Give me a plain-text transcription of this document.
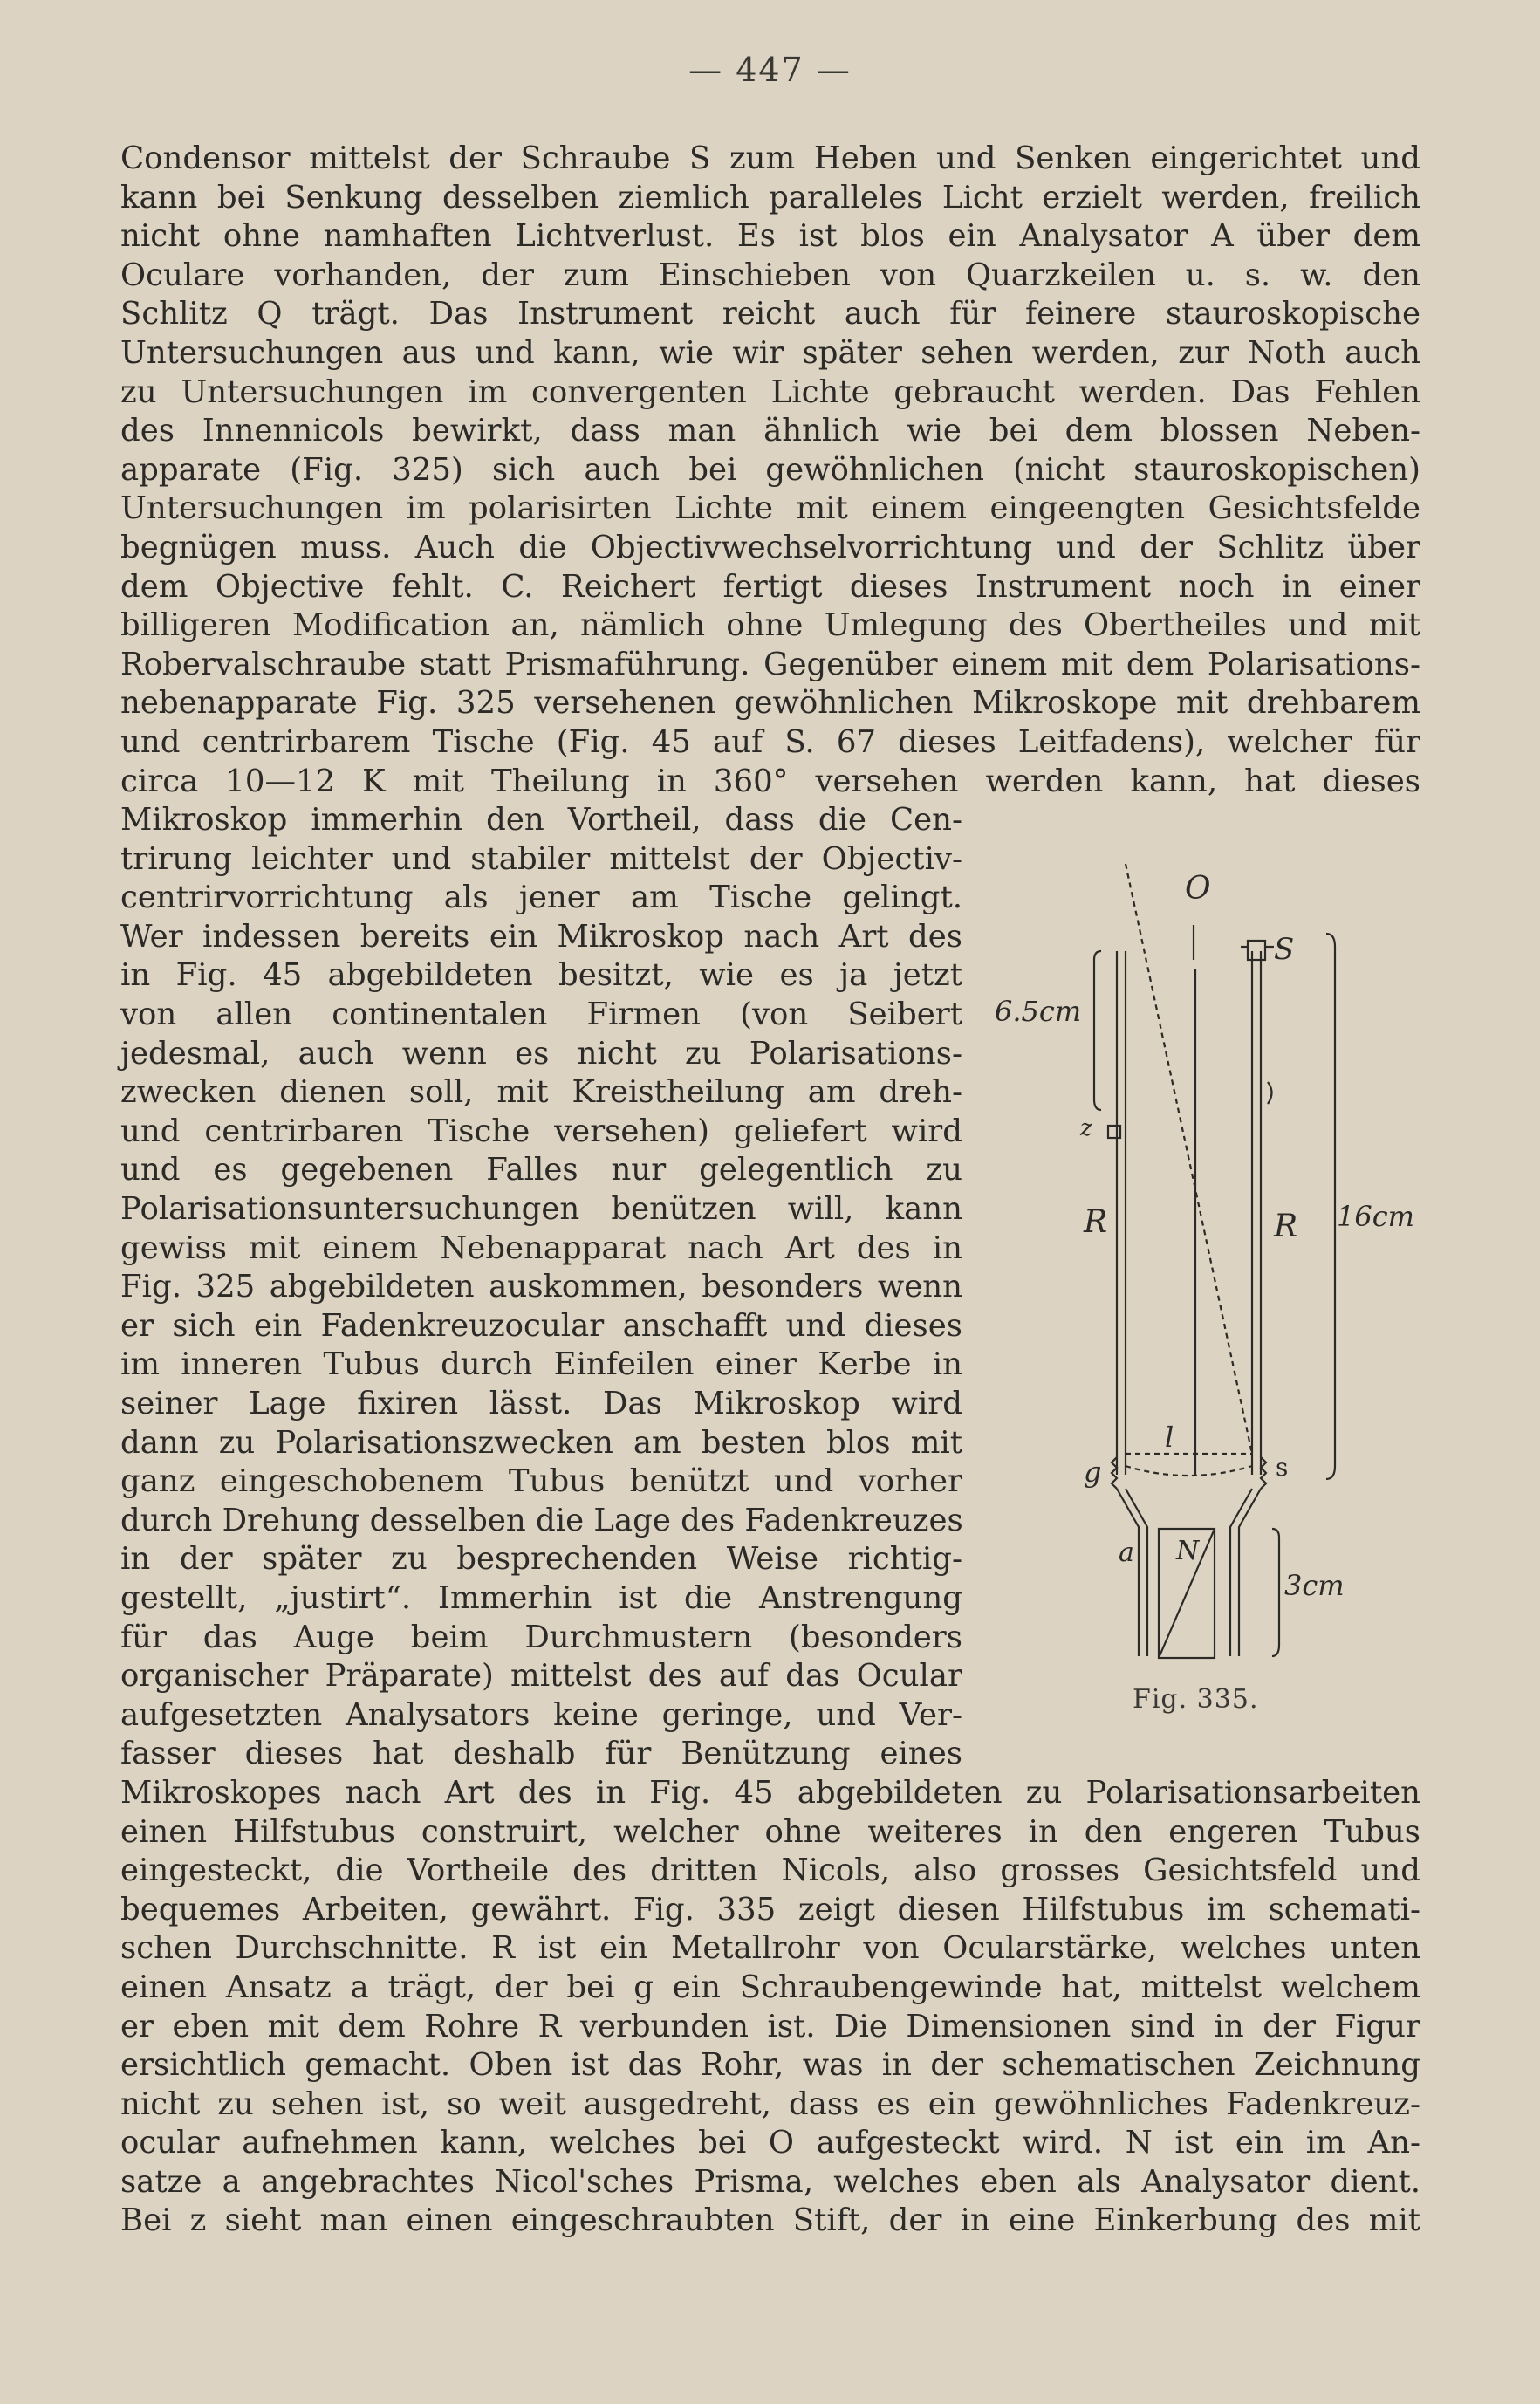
— 447 —
Condensor mittelst der Schraube S zum Heben und Senken eingerichtet und
kann bei Senkung desselben ziemlich paralleles Licht erzielt werden, freilich
nicht ohne namhaften Lichtverlust. Es ist blos ein Analysator A über dem
Oculare vorhanden, der zum Einschieben von Quarzkeilen u. s. w. den
Schlitz Q trägt. Das Instrument reicht auch für feinere stauroskopische
Untersuchungen aus und kann, wie wir später sehen werden, zur Noth auch
zu Untersuchungen im convergenten Lichte gebraucht werden. Das Fehlen
des Innennicols bewirkt, dass man ähnlich wie bei dem blossen Neben-
apparate (Fig. 325) sich auch bei gewöhnlichen (nicht stauroskopischen)
Untersuchungen im polarisirten Lichte mit einem eingeengten Gesichtsfelde
begnügen muss. Auch die Objectivwechselvorrichtung und der Schlitz über
dem Objective fehlt. C. Reichert fertigt dieses Instrument noch in einer
billigeren Modification an, nämlich ohne Umlegung des Obertheiles und mit
Robervalschraube statt Prismaführung. Gegenüber einem mit dem Polarisations-
nebenapparate Fig. 325 versehenen gewöhnlichen Mikroskope mit drehbarem
und centrirbarem Tische (Fig. 45 auf S. 67 dieses Leitfadens), welcher für
circa 10—12 K mit Theilung in 360° versehen werden kann, hat dieses
Mikroskop immerhin den Vortheil, dass die Cen-
trirung leichter und stabiler mittelst der Objectiv-
centrirvorrichtung als jener am Tische gelingt.
Wer indessen bereits ein Mikroskop nach Art des
in Fig. 45 abgebildeten besitzt, wie es ja jetzt
von allen continentalen Firmen (von Seibert
jedesmal, auch wenn es nicht zu Polarisations-
zwecken dienen soll, mit Kreistheilung am dreh-
und centrirbaren Tische versehen) geliefert wird
und es gegebenen Falles nur gelegentlich zu
Polarisationsuntersuchungen benützen will, kann
gewiss mit einem Nebenapparat nach Art des in
Fig. 325 abgebildeten auskommen, besonders wenn
er sich ein Fadenkreuzocular anschafft und dieses
im inneren Tubus durch Einfeilen einer Kerbe in
seiner Lage fixiren lässt. Das Mikroskop wird
dann zu Polarisationszwecken am besten blos mit
ganz eingeschobenem Tubus benützt und vorher
durch Drehung desselben die Lage des Fadenkreuzes
in der später zu besprechenden Weise richtig-
gestellt, „justirt“. Immerhin ist die Anstrengung
für das Auge beim Durchmustern (besonders
organischer Präparate) mittelst des auf das Ocular
aufgesetzten Analysators keine geringe, und Ver-
fasser dieses hat deshalb für Benützung eines
Mikroskopes nach Art des in Fig. 45 abgebildeten zu Polarisationsarbeiten
einen Hilfstubus construirt, welcher ohne weiteres in den engeren Tubus
eingesteckt, die Vortheile des dritten Nicols, also grosses Gesichtsfeld und
bequemes Arbeiten, gewährt. Fig. 335 zeigt diesen Hilfstubus im schemati-
schen Durchschnitte. R ist ein Metallrohr von Ocularstärke, welches unten
einen Ansatz a trägt, der bei g ein Schraubengewinde hat, mittelst welchem
er eben mit dem Rohre R verbunden ist. Die Dimensionen sind in der Figur
ersichtlich gemacht. Oben ist das Rohr, was in der schematischen Zeichnung
nicht zu sehen ist, so weit ausgedreht, dass es ein gewöhnliches Fadenkreuz-
ocular aufnehmen kann, welches bei O aufgesteckt wird. N ist ein im An-
satze a angebrachtes Nicol'sches Prisma, welches eben als Analysator dient.
Bei z sieht man einen eingeschraubten Stift, der in eine Einkerbung des mit
O
S
6.5cm
z
R	R 16cm
l
g	s
a N
3cm
Fig. 335.
